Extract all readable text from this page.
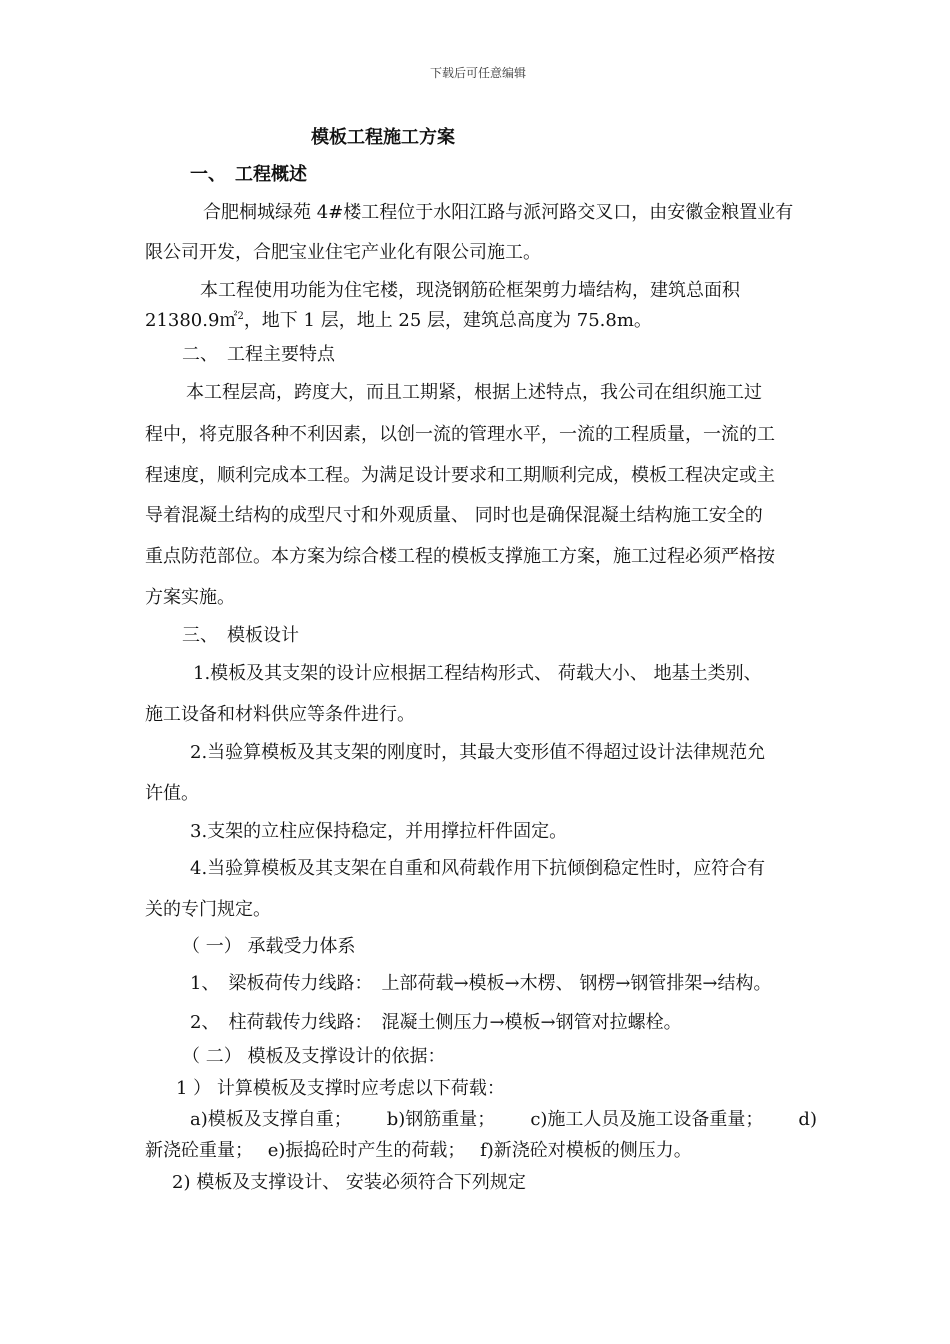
下载后可任意编辑
模板工程施工方案
一、　工程概述
合肥桐城绿苑 4#楼工程位于水阳江路与派河路交叉口，由安徽金粮置业有
限公司开发，合肥宝业住宅产业化有限公司施工。
本工程使用功能为住宅楼，现浇钢筋砼框架剪力墙结构，建筑总面积
21380.9㎡$^2$，地下 1 层，地上 25 层，建筑总高度为 75.8m。
二、　工程主要特点
本工程层高，跨度大，而且工期紧，根据上述特点，我公司在组织施工过
程中，将克服各种不利因素，以创一流的管理水平，一流的工程质量，一流的工
程速度，顺利完成本工程。为满足设计要求和工期顺利完成，模板工程决定或主
导着混凝土结构的成型尺寸和外观质量、 同时也是确保混凝土结构施工安全的
重点防范部位。本方案为综合楼工程的模板支撑施工方案，施工过程必须严格按
方案实施。
三、　模板设计
1.模板及其支架的设计应根据工程结构形式、 荷载大小、 地基土类别、
施工设备和材料供应等条件进行。
2.当验算模板及其支架的刚度时，其最大变形值不得超过设计法律规范允
许值。
3.支架的立柱应保持稳定，并用撑拉杆件固定。
4.当验算模板及其支架在自重和风荷载作用下抗倾倒稳定性时，应符合有
关的专门规定。
（ 一） 承载受力体系
1、　梁板荷传力线路：　上部荷载→模板→木楞、 钢楞→钢管排架→结构。
2、　柱荷载传力线路：　混凝土侧压力→模板→钢管对拉螺栓。
（ 二） 模板及支撑设计的依据：
1 ） 计算模板及支撑时应考虑以下荷载：
a)模板及支撑自重； b)钢筋重量； c)施工人员及施工设备重量； d)
新浇砼重量；　 e)振捣砼时产生的荷载；　 f)新浇砼对模板的侧压力。
2) 模板及支撑设计、 安装必须符合下列规定
